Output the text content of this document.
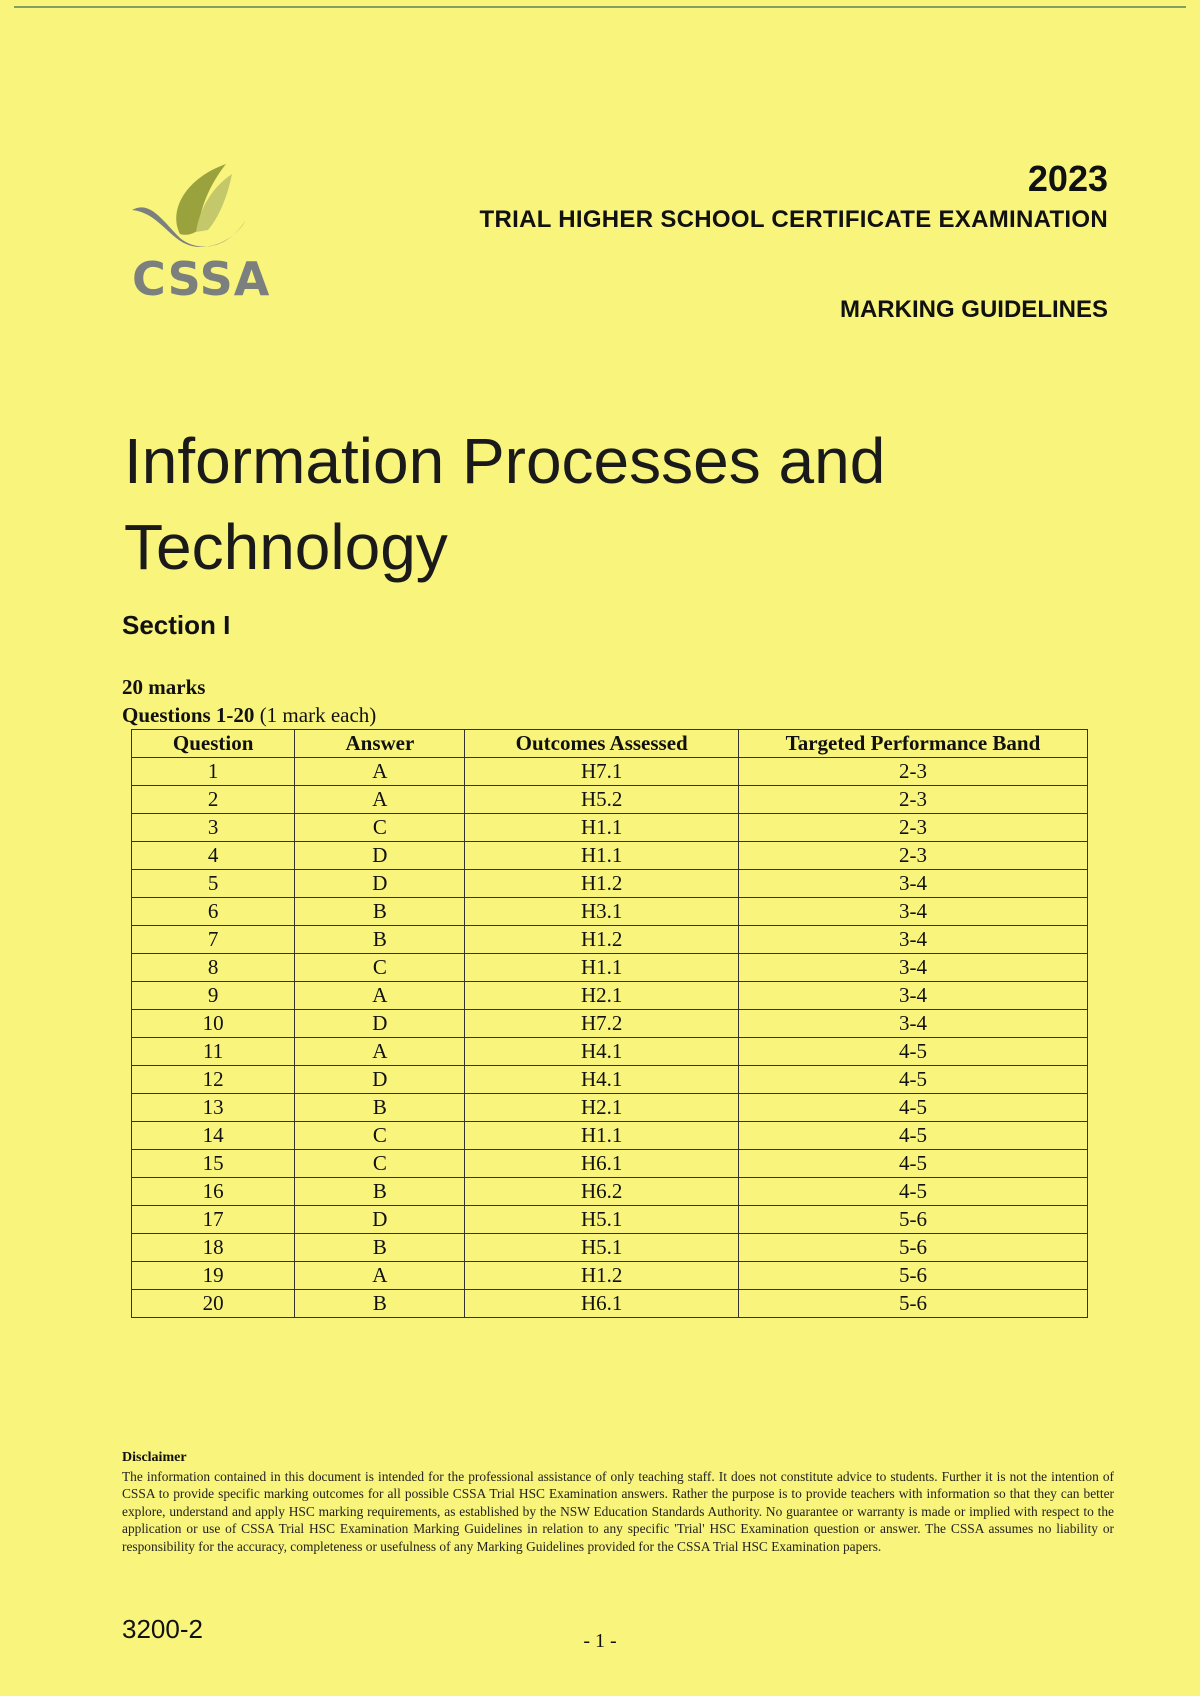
CSSA
2023
TRIAL HIGHER SCHOOL CERTIFICATE EXAMINATION
MARKING GUIDELINES
Information Processes and
Technology
Section I
20 marks
Questions 1-20 (1 mark each)
Question	Answer	Outcomes Assessed	Targeted Performance Band
1	A	H7.1	2-3
2	A	H5.2	2-3
3	C	H1.1	2-3
4	D	H1.1	2-3
5	D	H1.2	3-4
6	B	H3.1	3-4
7	B	H1.2	3-4
8	C	H1.1	3-4
9	A	H2.1	3-4
10	D	H7.2	3-4
11	A	H4.1	4-5
12	D	H4.1	4-5
13	B	H2.1	4-5
14	C	H1.1	4-5
15	C	H6.1	4-5
16	B	H6.2	4-5
17	D	H5.1	5-6
18	B	H5.1	5-6
19	A	H1.2	5-6
20	B	H6.1	5-6
Disclaimer
The information contained in this document is intended for the professional assistance of only teaching staff. It does not constitute advice to students. Further it is not the intention of CSSA to provide specific marking outcomes for all possible CSSA Trial HSC Examination answers. Rather the purpose is to provide teachers with information so that they can better explore, understand and apply HSC marking requirements, as established by the NSW Education Standards Authority. No guarantee or warranty is made or implied with respect to the application or use of CSSA Trial HSC Examination Marking Guidelines in relation to any specific 'Trial' HSC Examination question or answer. The CSSA assumes no liability or responsibility for the accuracy, completeness or usefulness of any Marking Guidelines provided for the CSSA Trial HSC Examination papers.
3200-2	- 1 -
